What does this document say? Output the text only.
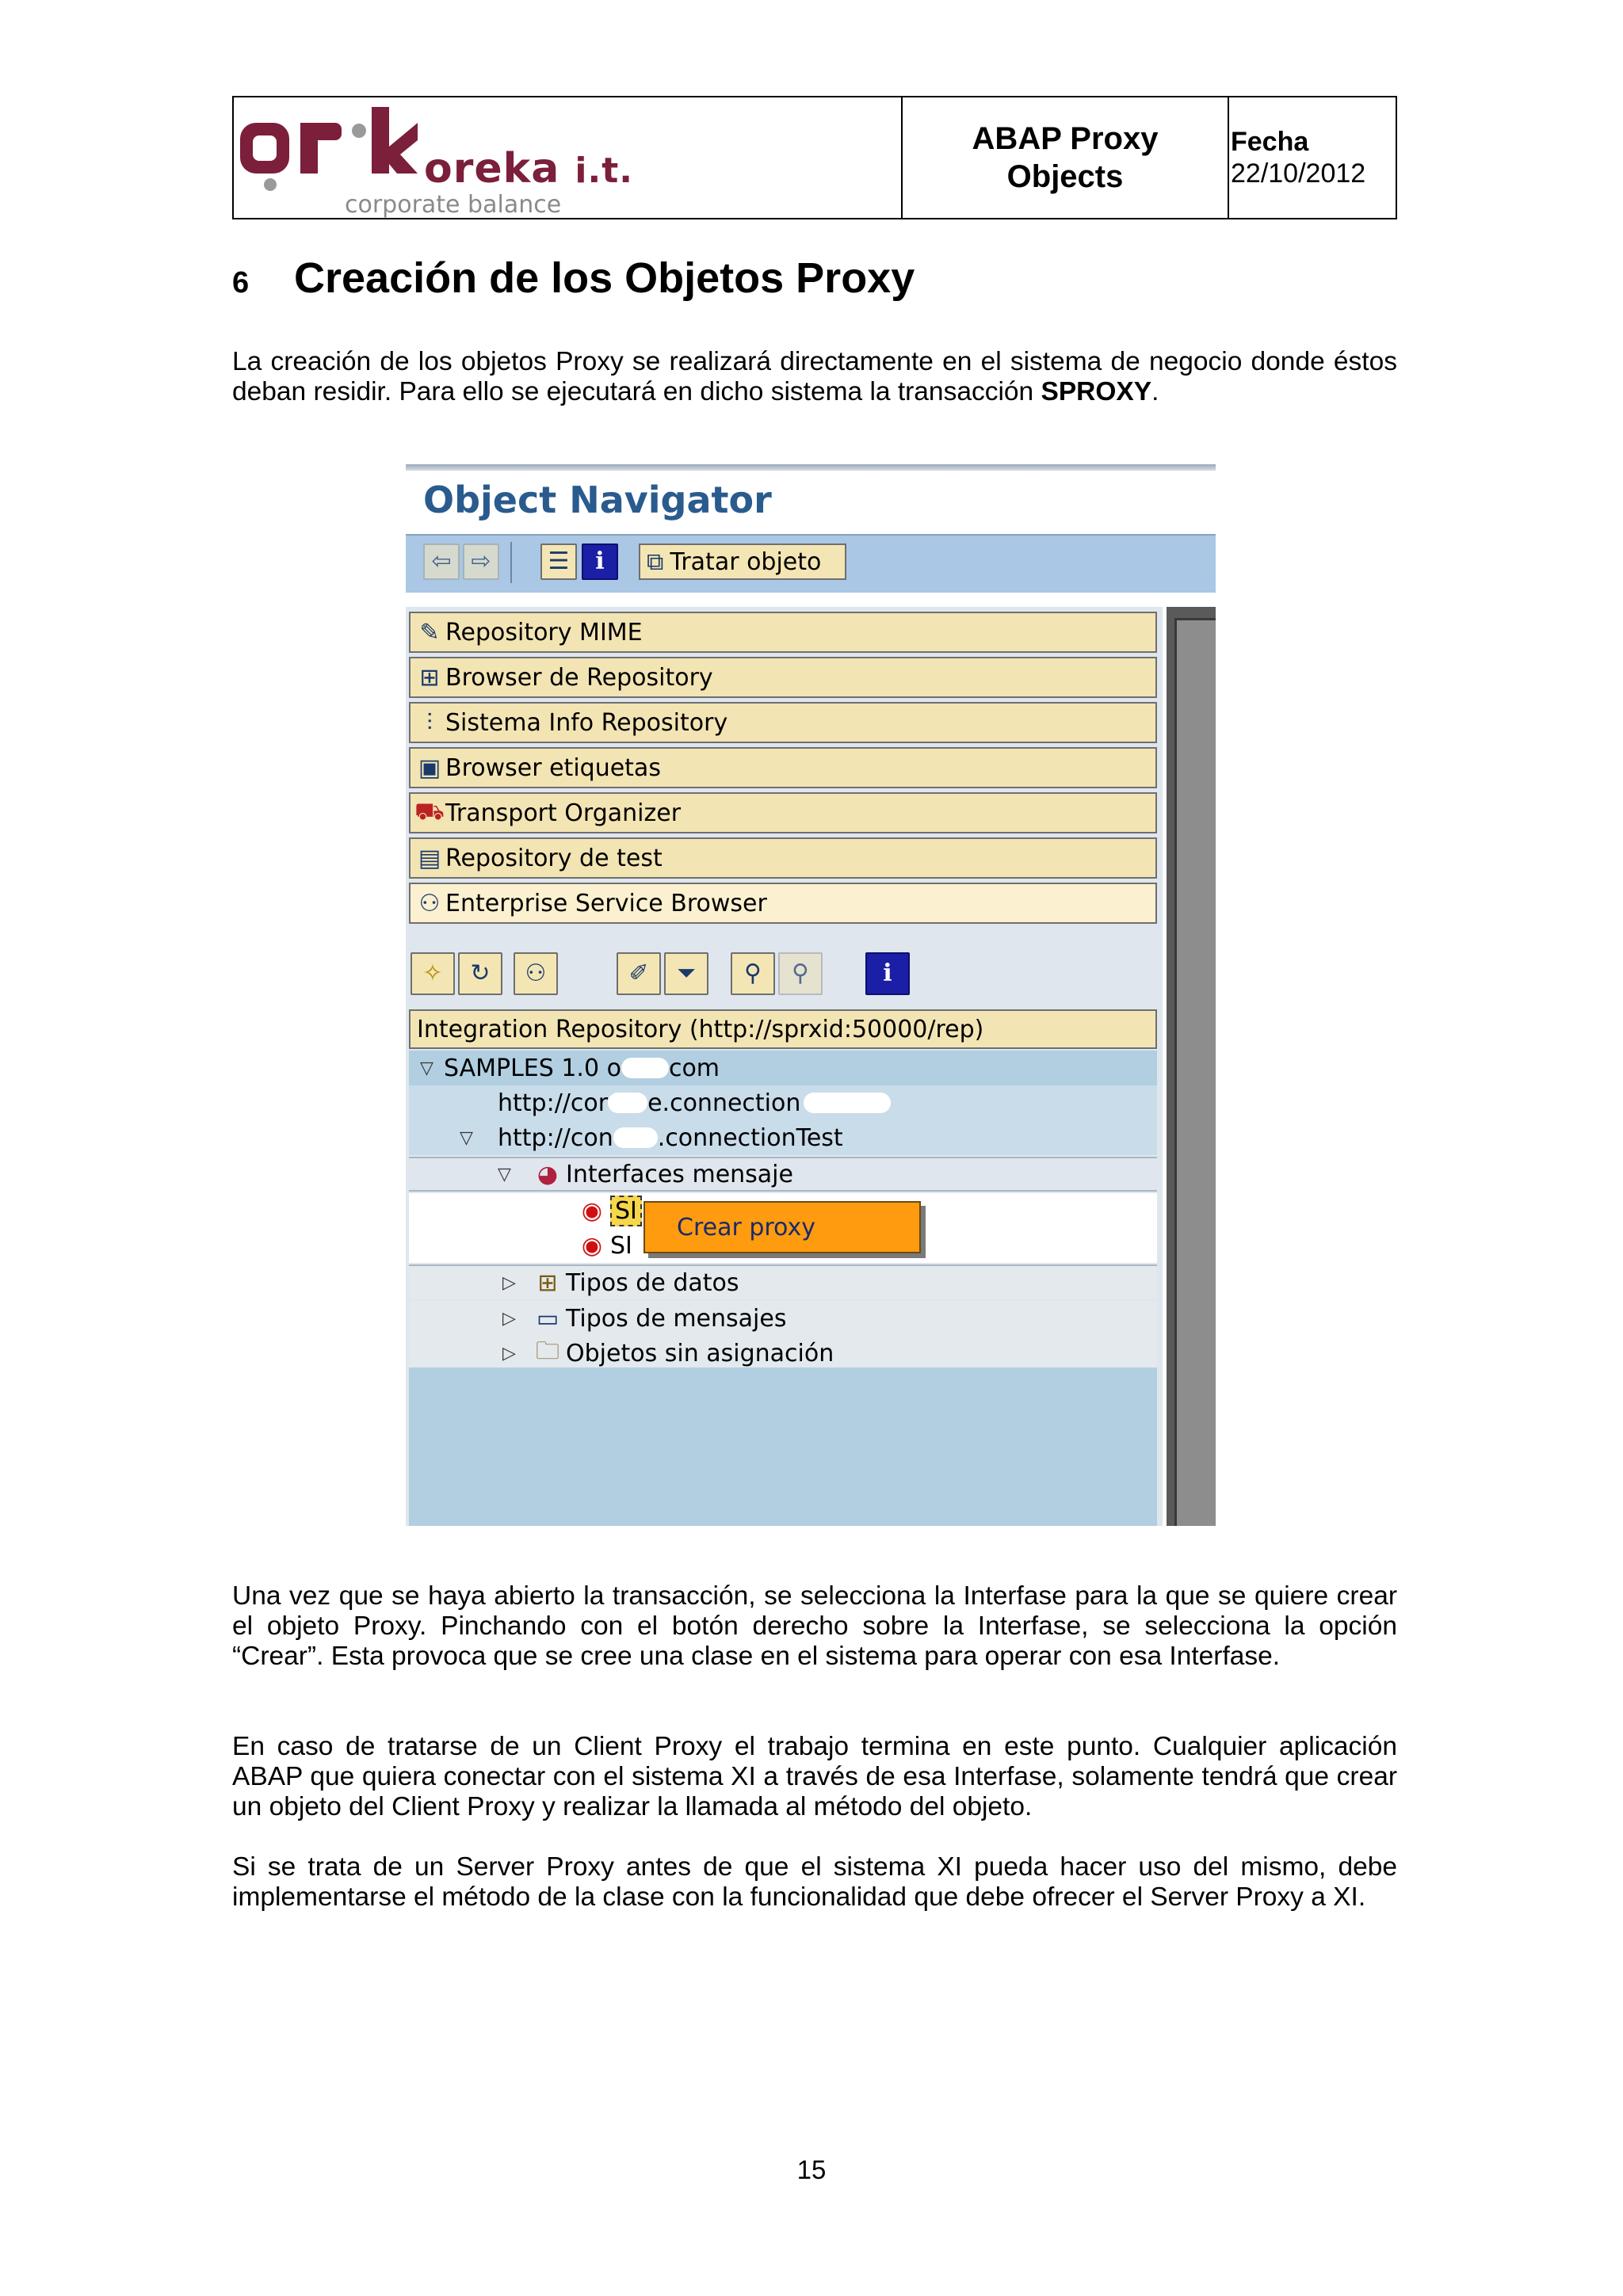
oreka i.t.
corporate balance
ABAP Proxy
Objects
Fecha
22/10/2012
6 Creación de los Objetos Proxy
La creación de los objetos Proxy se realizará directamente en el sistema de negocio donde éstos deban residir. Para ello se ejecutará en dicho sistema la transacción SPROXY.
Object Navigator
⇦ ⇨ ☰ i ⧉ Tratar objeto
✎ Repository MIME
⊞ Browser de Repository
⫶ Sistema Info Repository
▣ Browser etiquetas
⛟ Transport Organizer
▤ Repository de test
⚇ Enterprise Service Browser
✧ ↻ ⚇	✐ ⏷ ⚲ ⚲	i
Integration Repository (http://sprxid:50000/rep)
▽ SAMPLES 1.0 o com
http://cor e.connection
▽	http://con .connectionTest
▽	◕ Interfaces mensaje
◉ SI
◉ SI
▷ ⊞ Tipos de datos
▷ ▭ Tipos de mensajes
▷ 🗀 Objetos sin asignación
Crear proxy
Una vez que se haya abierto la transacción, se selecciona la Interfase para la que se quiere crear el objeto Proxy. Pinchando con el botón derecho sobre la Interfase, se selecciona la opción “Crear”. Esta provoca que se cree una clase en el sistema para operar con esa Interfase.
En caso de tratarse de un Client Proxy el trabajo termina en este punto. Cualquier aplicación ABAP que quiera conectar con el sistema XI a través de esa Interfase, solamente tendrá que crear un objeto del Client Proxy y realizar la llamada al método del objeto.
Si se trata de un Server Proxy antes de que el sistema XI pueda hacer uso del mismo, debe implementarse el método de la clase con la funcionalidad que debe ofrecer el Server Proxy a XI.
15
